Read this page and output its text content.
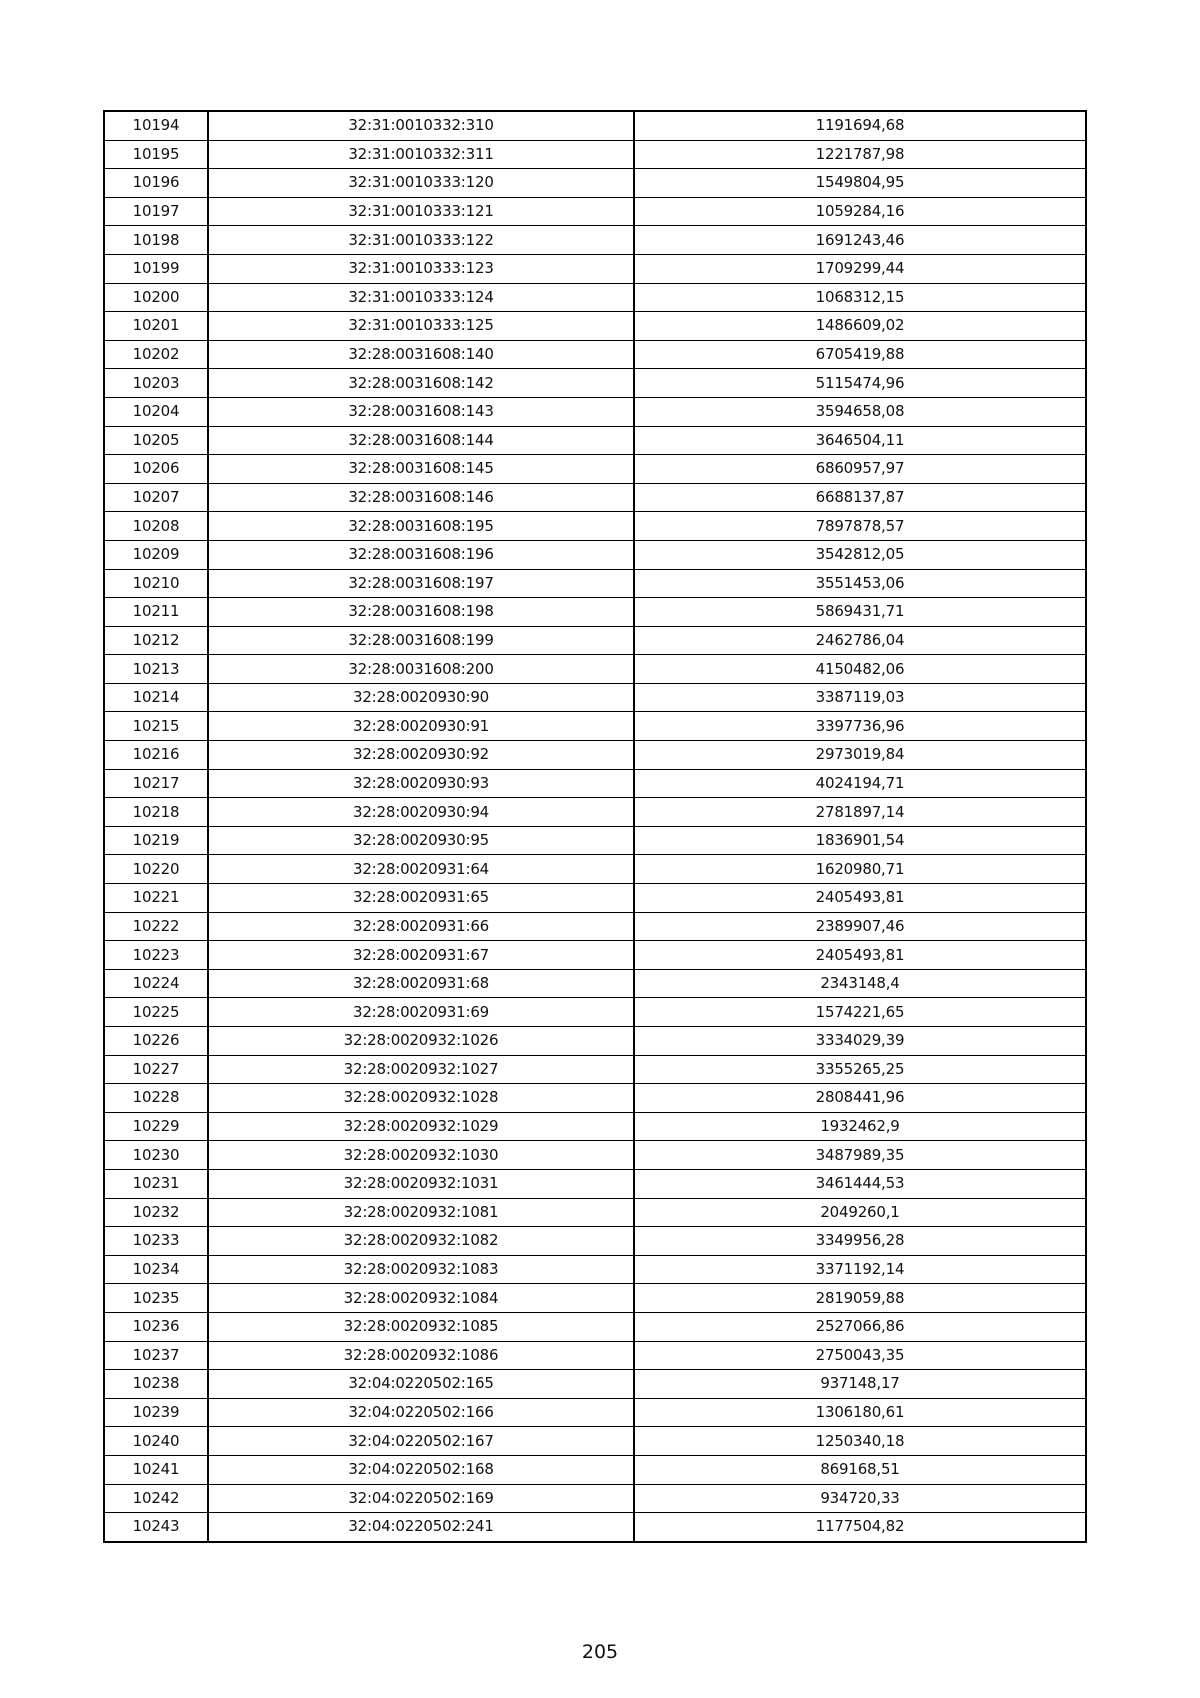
10194	32:31:0010332:310	1191694,68
10195	32:31:0010332:311	1221787,98
10196	32:31:0010333:120	1549804,95
10197	32:31:0010333:121	1059284,16
10198	32:31:0010333:122	1691243,46
10199	32:31:0010333:123	1709299,44
10200	32:31:0010333:124	1068312,15
10201	32:31:0010333:125	1486609,02
10202	32:28:0031608:140	6705419,88
10203	32:28:0031608:142	5115474,96
10204	32:28:0031608:143	3594658,08
10205	32:28:0031608:144	3646504,11
10206	32:28:0031608:145	6860957,97
10207	32:28:0031608:146	6688137,87
10208	32:28:0031608:195	7897878,57
10209	32:28:0031608:196	3542812,05
10210	32:28:0031608:197	3551453,06
10211	32:28:0031608:198	5869431,71
10212	32:28:0031608:199	2462786,04
10213	32:28:0031608:200	4150482,06
10214	32:28:0020930:90	3387119,03
10215	32:28:0020930:91	3397736,96
10216	32:28:0020930:92	2973019,84
10217	32:28:0020930:93	4024194,71
10218	32:28:0020930:94	2781897,14
10219	32:28:0020930:95	1836901,54
10220	32:28:0020931:64	1620980,71
10221	32:28:0020931:65	2405493,81
10222	32:28:0020931:66	2389907,46
10223	32:28:0020931:67	2405493,81
10224	32:28:0020931:68	2343148,4
10225	32:28:0020931:69	1574221,65
10226	32:28:0020932:1026	3334029,39
10227	32:28:0020932:1027	3355265,25
10228	32:28:0020932:1028	2808441,96
10229	32:28:0020932:1029	1932462,9
10230	32:28:0020932:1030	3487989,35
10231	32:28:0020932:1031	3461444,53
10232	32:28:0020932:1081	2049260,1
10233	32:28:0020932:1082	3349956,28
10234	32:28:0020932:1083	3371192,14
10235	32:28:0020932:1084	2819059,88
10236	32:28:0020932:1085	2527066,86
10237	32:28:0020932:1086	2750043,35
10238	32:04:0220502:165	937148,17
10239	32:04:0220502:166	1306180,61
10240	32:04:0220502:167	1250340,18
10241	32:04:0220502:168	869168,51
10242	32:04:0220502:169	934720,33
10243	32:04:0220502:241	1177504,82
205
